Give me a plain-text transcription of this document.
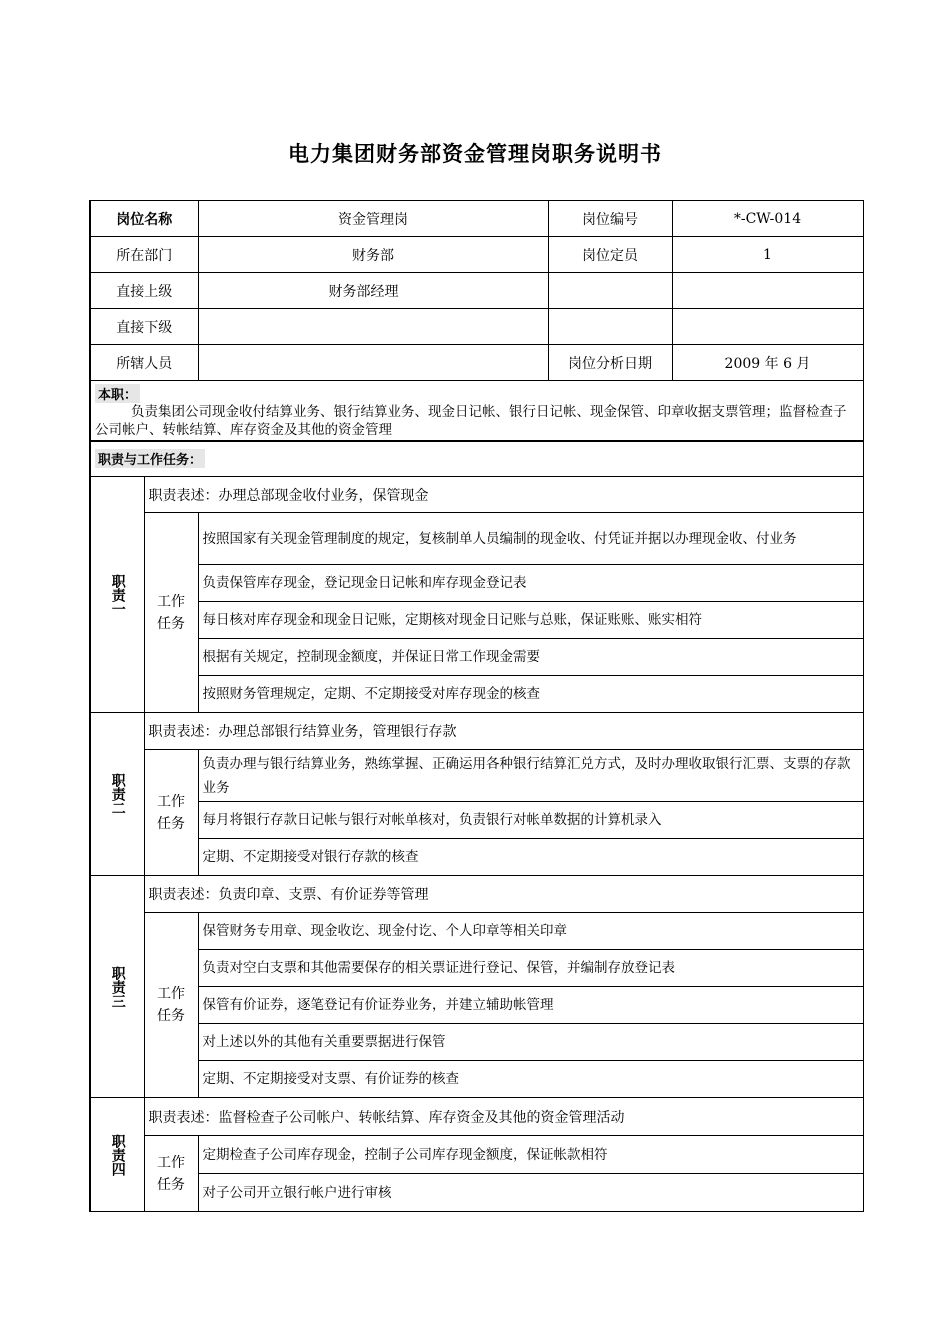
电力集团财务部资金管理岗职务说明书
岗位名称		资金管理岗	岗位编号	*-CW-014
所在部门		财务部	岗位定员	1
直接上级		财务部经理		
直接下级				
所辖人员			岗位分析日期	2009 年 6 月

本职：
负责集团公司现金收付结算业务、银行结算业务、现金日记帐、银行日记帐、现金保管、印章收据支票管理；监督检查子公司帐户、转帐结算、库存资金及其他的资金管理				

职责与工作任务：				
职责一	职责表述：办理总部现金收付业务，保管现金			
	工作任务	按照国家有关现金管理制度的规定，复核制单人员编制的现金收、付凭证并据以办理现金收、付业务		
		负责保管库存现金，登记现金日记帐和库存现金登记表		
		每日核对库存现金和现金日记账，定期核对现金日记账与总账，保证账账、账实相符		
		根据有关规定，控制现金额度，并保证日常工作现金需要		
		按照财务管理规定，定期、不定期接受对库存现金的核查		
职责二	职责表述：办理总部银行结算业务，管理银行存款			
	工作任务	负责办理与银行结算业务，熟练掌握、正确运用各种银行结算汇兑方式，及时办理收取银行汇票、支票的存款业务		
		每月将银行存款日记帐与银行对帐单核对，负责银行对帐单数据的计算机录入		
		定期、不定期接受对银行存款的核查		
职责三	职责表述：负责印章、支票、有价证券等管理			
	工作任务	保管财务专用章、现金收讫、现金付讫、个人印章等相关印章		
		负责对空白支票和其他需要保存的相关票证进行登记、保管，并编制存放登记表		
		保管有价证券，逐笔登记有价证券业务，并建立辅助帐管理		
		对上述以外的其他有关重要票据进行保管		
		定期、不定期接受对支票、有价证券的核查		
职责四	职责表述：监督检查子公司帐户、转帐结算、库存资金及其他的资金管理活动			
	工作任务	定期检查子公司库存现金，控制子公司库存现金额度，保证帐款相符		
		对子公司开立银行帐户进行审核		
